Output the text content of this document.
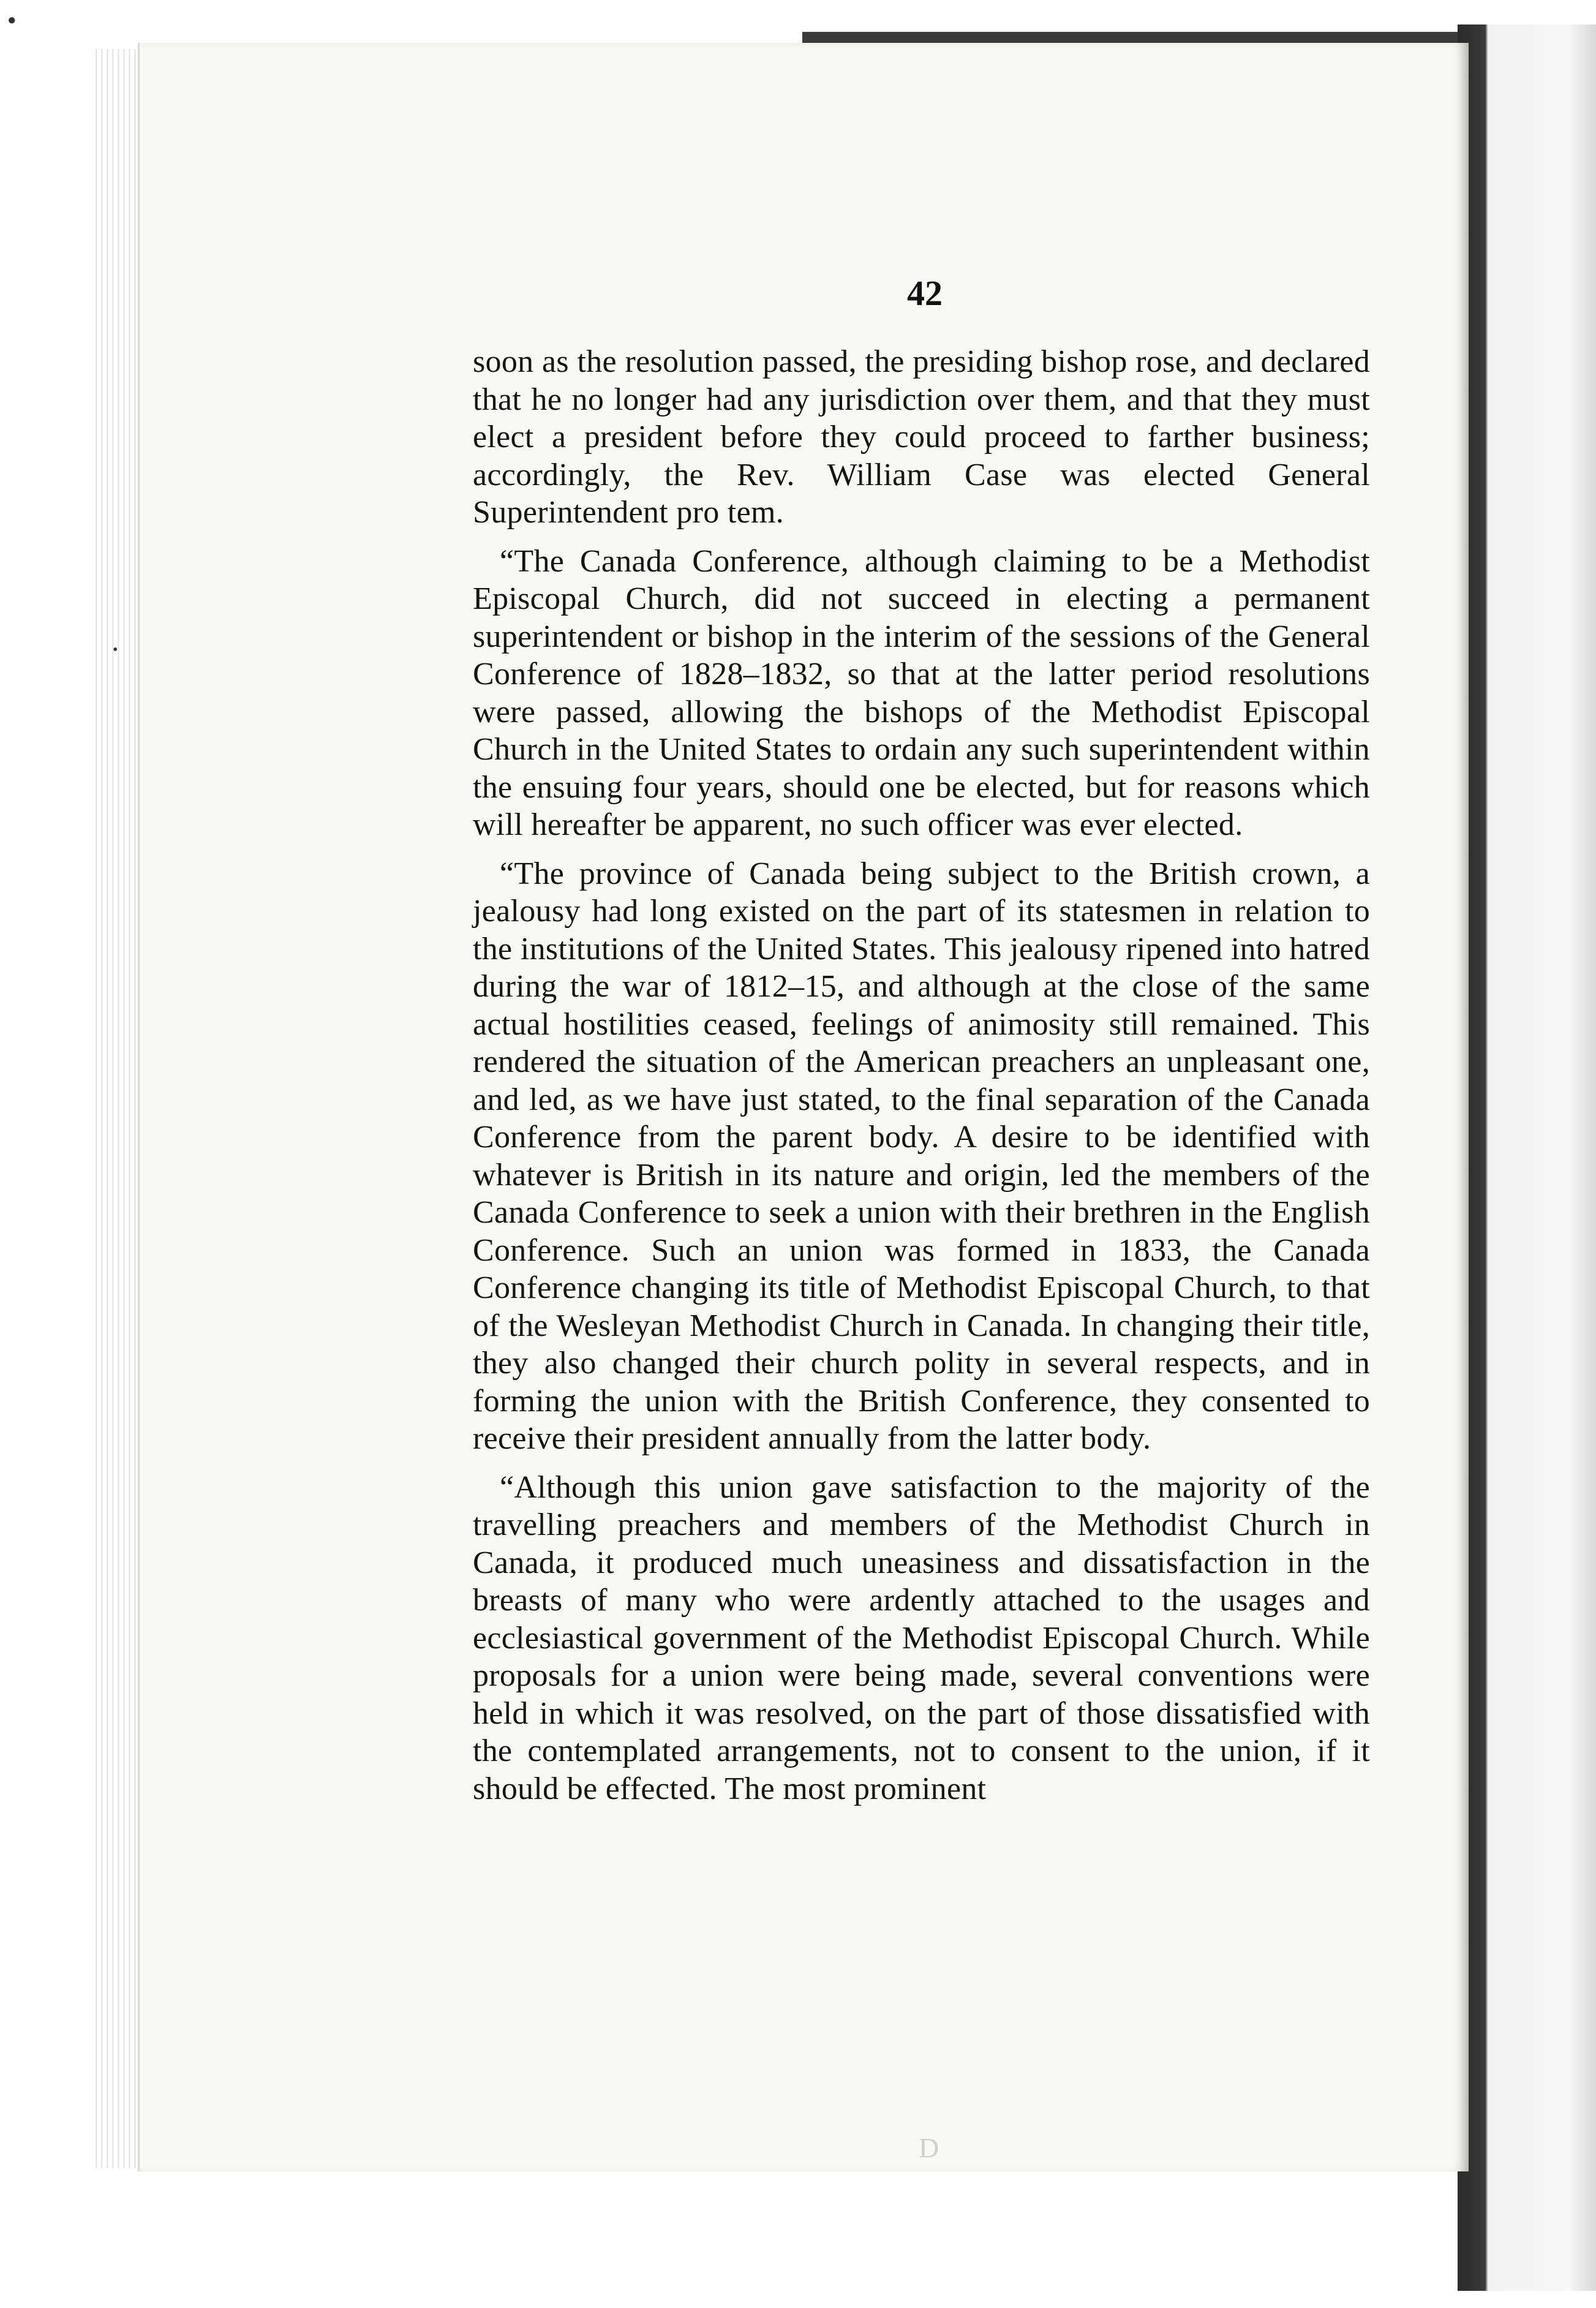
●
•
42

soon as the resolution passed, the presiding bishop rose, and declared that he no longer had any jurisdiction over them, and that they must elect a president before they could proceed to farther business; accordingly, the Rev. William Case was elected General Superintendent pro tem.

“The Canada Conference, although claiming to be a Methodist Episcopal Church, did not succeed in electing a permanent superintendent or bishop in the interim of the sessions of the General Conference of 1828–1832, so that at the latter period resolutions were passed, allowing the bishops of the Methodist Episcopal Church in the United States to ordain any such superintendent within the ensuing four years, should one be elected, but for reasons which will hereafter be apparent, no such officer was ever elected.

“The province of Canada being subject to the British crown, a jealousy had long existed on the part of its statesmen in relation to the institutions of the United States. This jealousy ripened into hatred during the war of 1812–15, and although at the close of the same actual hostilities ceased, feelings of animosity still remained. This rendered the situation of the American preachers an unpleasant one, and led, as we have just stated, to the final separation of the Canada Conference from the parent body. A desire to be identified with whatever is British in its nature and origin, led the members of the Canada Conference to seek a union with their brethren in the English Conference. Such an union was formed in 1833, the Canada Conference changing its title of Methodist Episcopal Church, to that of the Wesleyan Methodist Church in Canada. In changing their title, they also changed their church polity in several respects, and in forming the union with the British Conference, they consented to receive their president annually from the latter body.

“Although this union gave satisfaction to the majority of the travelling preachers and members of the Methodist Church in Canada, it produced much uneasiness and dissatisfaction in the breasts of many who were ardently attached to the usages and ecclesiastical government of the Methodist Episcopal Church. While proposals for a union were being made, several conventions were held in which it was resolved, on the part of those dissatisfied with the contemplated arrangements, not to consent to the union, if it should be effected. The most prominent

D
